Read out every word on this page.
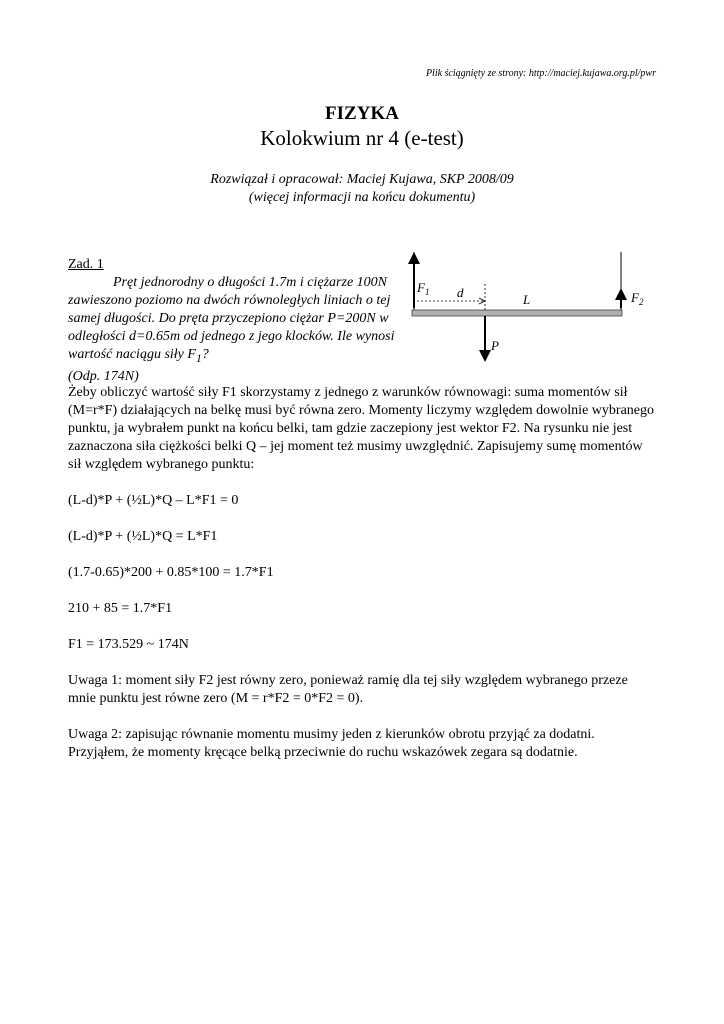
Plik ściągnięty ze strony: http://maciej.kujawa.org.pl/pwr
FIZYKA
Kolokwium nr 4 (e-test)
Rozwiązał i opracował: Maciej Kujawa, SKP 2008/09
(więcej informacji na końcu dokumentu)
Zad. 1
Pręt jednorodny o długości 1.7m i ciężarze 100N zawieszono poziomo na dwóch równoległych liniach o tej samej długości. Do pręta przyczepiono ciężar P=200N w odległości d=0.65m od jednego z jego klocków. Ile wynosi wartość naciągu siły $F_1$?
(Odp. 174N)
$F_1$	$F_2$
d	L
P

Żeby obliczyć wartość siły F1 skorzystamy z jednego z warunków równowagi: suma momentów sił (M=r*F) działających na belkę musi być równa zero. Momenty liczymy względem dowolnie wybranego punktu, ja wybrałem punkt na końcu belki, tam gdzie zaczepiony jest wektor F2. Na rysunku nie jest zaznaczona siła ciężkości belki Q – jej moment też musimy uwzględnić. Zapisujemy sumę momentów sił względem wybranego punktu:

(L-d)*P + (½L)*Q – L*F1 = 0

(L-d)*P + (½L)*Q = L*F1

(1.7-0.65)*200 + 0.85*100 = 1.7*F1

210 + 85 = 1.7*F1

F1 = 173.529 ~ 174N

Uwaga 1: moment siły F2 jest równy zero, ponieważ ramię dla tej siły względem wybranego przeze mnie punktu jest równe zero (M = r*F2 = 0*F2 = 0).

Uwaga 2: zapisując równanie momentu musimy jeden z kierunków obrotu przyjąć za dodatni. Przyjąłem, że momenty kręcące belką przeciwnie do ruchu wskazówek zegara są dodatnie.
